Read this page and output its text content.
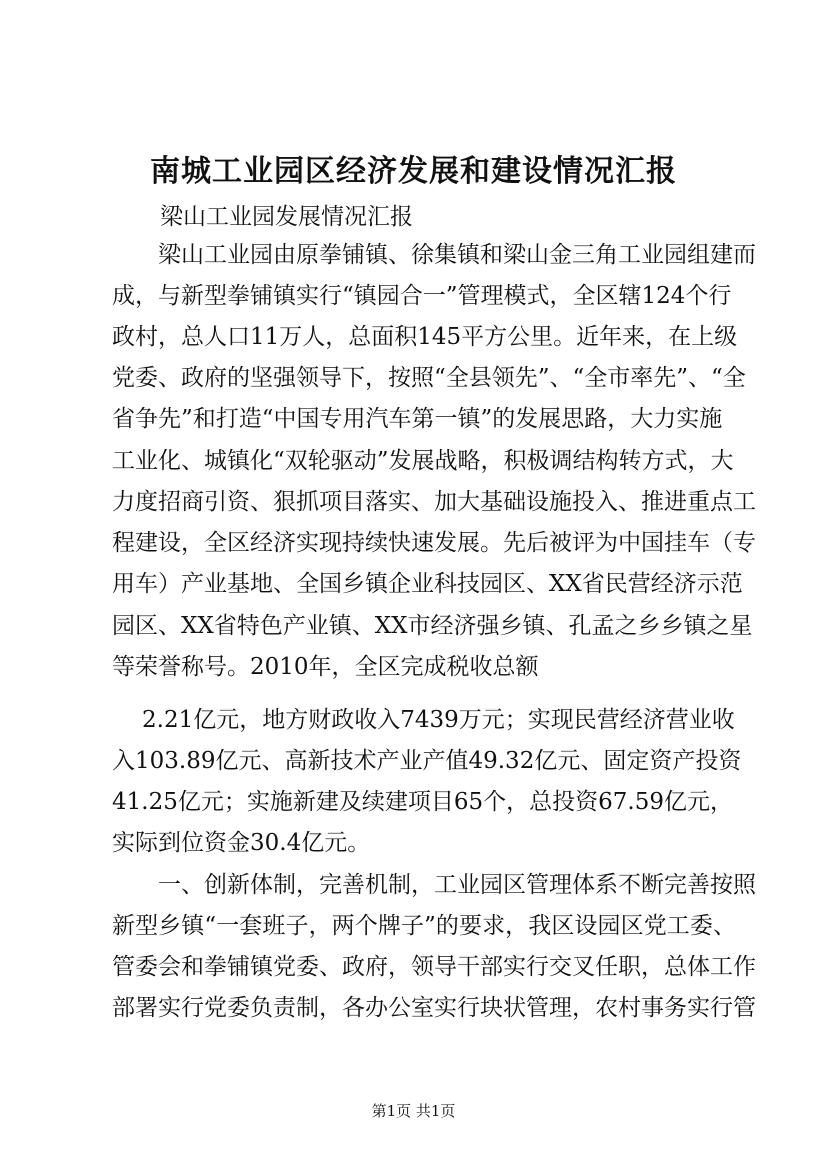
南城工业园区经济发展和建设情况汇报
梁山工业园发展情况汇报
梁山工业园由原拳铺镇、徐集镇和梁山金三角工业园组建而
成，与新型拳铺镇实行“镇园合一”管理模式，全区辖124个行
政村，总人口11万人，总面积145平方公里。近年来，在上级
党委、政府的坚强领导下，按照“全县领先”、“全市率先”、“全
省争先”和打造“中国专用汽车第一镇”的发展思路，大力实施
工业化、城镇化“双轮驱动”发展战略，积极调结构转方式，大
力度招商引资、狠抓项目落实、加大基础设施投入、推进重点工
程建设，全区经济实现持续快速发展。先后被评为中国挂车（专
用车）产业基地、全国乡镇企业科技园区、XX省民营经济示范
园区、XX省特色产业镇、XX市经济强乡镇、孔孟之乡乡镇之星
等荣誉称号。2010年，全区完成税收总额
2.21亿元，地方财政收入7439万元；实现民营经济营业收
入103.89亿元、高新技术产业产值49.32亿元、固定资产投资
41.25亿元；实施新建及续建项目65个，总投资67.59亿元，
实际到位资金30.4亿元。
一、创新体制，完善机制，工业园区管理体系不断完善按照
新型乡镇“一套班子，两个牌子”的要求，我区设园区党工委、
管委会和拳铺镇党委、政府，领导干部实行交叉任职，总体工作
部署实行党委负责制，各办公室实行块状管理，农村事务实行管
第1页 共1页
